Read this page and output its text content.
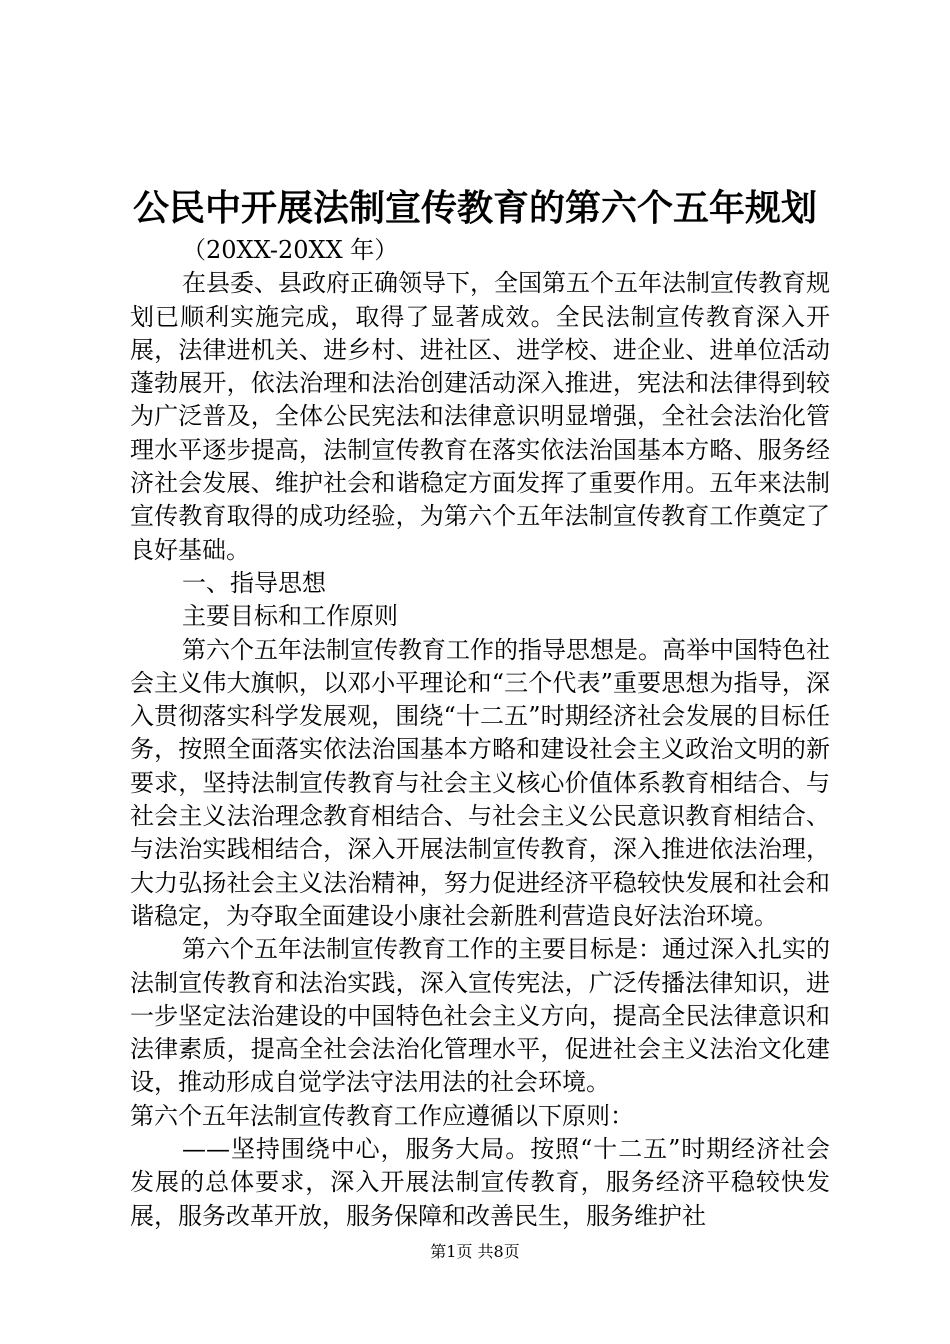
公民中开展法制宣传教育的第六个五年规划

（20XX-20XX 年）

在县委、县政府正确领导下，全国第五个五年法制宣传教育规划已顺利实施完成，取得了显著成效。全民法制宣传教育深入开展，法律进机关、进乡村、进社区、进学校、进企业、进单位活动蓬勃展开，依法治理和法治创建活动深入推进，宪法和法律得到较为广泛普及，全体公民宪法和法律意识明显增强，全社会法治化管理水平逐步提高，法制宣传教育在落实依法治国基本方略、服务经济社会发展、维护社会和谐稳定方面发挥了重要作用。五年来法制宣传教育取得的成功经验，为第六个五年法制宣传教育工作奠定了良好基础。

一、指导思想

主要目标和工作原则

第六个五年法制宣传教育工作的指导思想是。高举中国特色社会主义伟大旗帜，以邓小平理论和“三个代表”重要思想为指导，深入贯彻落实科学发展观，围绕“十二五”时期经济社会发展的目标任务，按照全面落实依法治国基本方略和建设社会主义政治文明的新要求，坚持法制宣传教育与社会主义核心价值体系教育相结合、与社会主义法治理念教育相结合、与社会主义公民意识教育相结合、与法治实践相结合，深入开展法制宣传教育，深入推进依法治理，大力弘扬社会主义法治精神，努力促进经济平稳较快发展和社会和谐稳定，为夺取全面建设小康社会新胜利营造良好法治环境。

第六个五年法制宣传教育工作的主要目标是：通过深入扎实的法制宣传教育和法治实践，深入宣传宪法，广泛传播法律知识，进一步坚定法治建设的中国特色社会主义方向，提高全民法律意识和法律素质，提高全社会法治化管理水平，促进社会主义法治文化建设，推动形成自觉学法守法用法的社会环境。

第六个五年法制宣传教育工作应遵循以下原则：

——坚持围绕中心，服务大局。按照“十二五”时期经济社会发展的总体要求，深入开展法制宣传教育，服务经济平稳较快发展，服务改革开放，服务保障和改善民生，服务维护社

第1页 共8页
